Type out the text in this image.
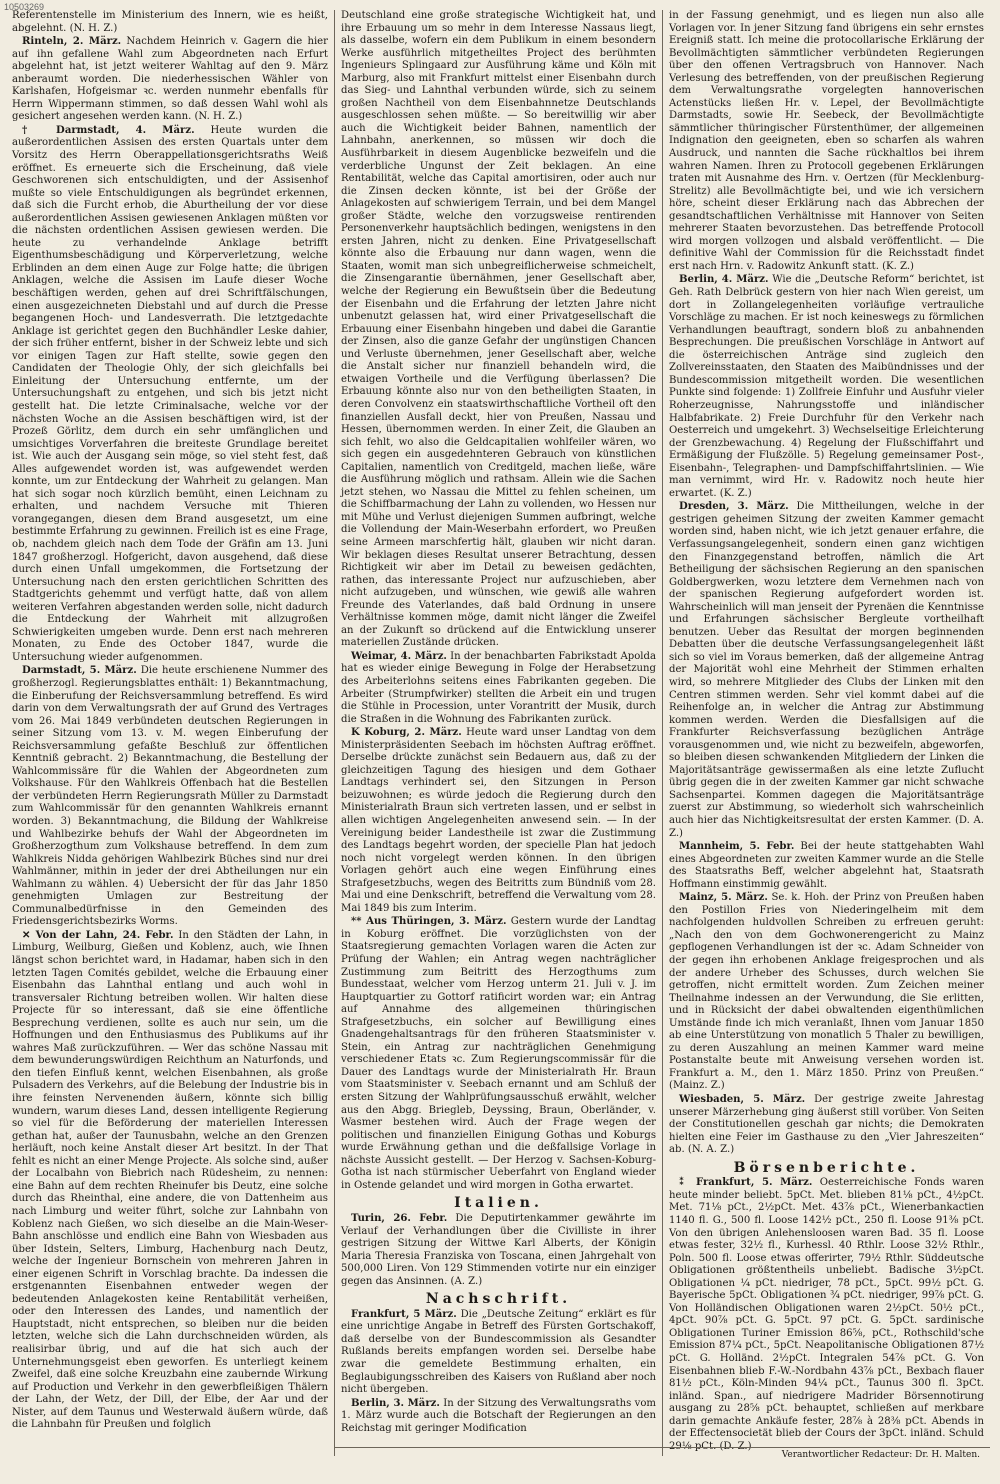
10503269

Referentenstelle im Ministerium des Innern, wie es heißt, abgelehnt. (N. H. Z.)

Rinteln, 2. März. Nachdem Heinrich v. Gagern die hier auf ihn gefallene Wahl zum Abgeordneten nach Erfurt abgelehnt hat, ist jetzt weiterer Wahltag auf den 9. März anberaumt worden. Die niederhessischen Wähler von Karlshafen, Hofgeismar ꝛc. werden nunmehr ebenfalls für Herrn Wippermann stimmen, so daß dessen Wahl wohl als gesichert angesehen werden kann. (N. H. Z.)

† Darmstadt, 4. März. Heute wurden die außerordentlichen Assisen des ersten Quartals unter dem Vorsitz des Herrn Oberappellationsgerichtsraths Weiß eröffnet. Es erneuerte sich die Erscheinung, daß viele Geschworenen sich entschuldigten, und der Assisenhof mußte so viele Entschuldigungen als begründet erkennen, daß sich die Furcht erhob, die Aburtheilung der vor diese außerordentlichen Assisen gewiesenen Anklagen müßten vor die nächsten ordentlichen Assisen gewiesen werden. Die heute zu verhandelnde Anklage betrifft Eigenthumsbeschädigung und Körperverletzung, welche Erblinden an dem einen Auge zur Folge hatte; die übrigen Anklagen, welche die Assisen im Laufe dieser Woche beschäftigen werden, gehen auf drei Schriftfälschungen, einen ausgezeichneten Diebstahl und auf durch die Presse begangenen Hoch- und Landesverrath. Die letztgedachte Anklage ist gerichtet gegen den Buchhändler Leske dahier, der sich früher entfernt, bisher in der Schweiz lebte und sich vor einigen Tagen zur Haft stellte, sowie gegen den Candidaten der Theologie Ohly, der sich gleichfalls bei Einleitung der Untersuchung entfernte, um der Untersuchungshaft zu entgehen, und sich bis jetzt nicht gestellt hat. Die letzte Criminalsache, welche vor der nächsten Woche an die Assisen beschäftigen wird, ist der Prozeß Görlitz, dem durch ein sehr umfänglichen und umsichtiges Vorverfahren die breiteste Grundlage bereitet ist. Wie auch der Ausgang sein möge, so viel steht fest, daß Alles aufgewendet worden ist, was aufgewendet werden konnte, um zur Entdeckung der Wahrheit zu gelangen. Man hat sich sogar noch kürzlich bemüht, einen Leichnam zu erhalten, und nachdem Versuche mit Thieren vorangegangen, diesen dem Brand ausgesetzt, um eine bestimmte Erfahrung zu gewinnen. Freilich ist es eine Frage, ob, nachdem gleich nach dem Tode der Gräfin am 13. Juni 1847 großherzogl. Hofgericht, davon ausgehend, daß diese durch einen Unfall umgekommen, die Fortsetzung der Untersuchung nach den ersten gerichtlichen Schritten des Stadtgerichts gehemmt und verfügt hatte, daß von allem weiteren Verfahren abgestanden werden solle, nicht dadurch die Entdeckung der Wahrheit mit allzugroßen Schwierigkeiten umgeben wurde. Denn erst nach mehreren Monaten, zu Ende des October 1847, wurde die Untersuchung wieder aufgenommen.

Darmstadt, 5. März. Die heute erschienene Nummer des großherzogl. Regierungsblattes enthält: 1) Bekanntmachung, die Einberufung der Reichsversammlung betreffend. Es wird darin von dem Verwaltungsrath der auf Grund des Vertrages vom 26. Mai 1849 verbündeten deutschen Regierungen in seiner Sitzung vom 13. v. M. wegen Einberufung der Reichsversammlung gefaßte Beschluß zur öffentlichen Kenntniß gebracht. 2) Bekanntmachung, die Bestellung der Wahlcommissäre für die Wahlen der Abgeordneten zum Volkshause. Für den Wahlkreis Offenbach hat die Bestellen der verbündeten Herrn Regierungsrath Müller zu Darmstadt zum Wahlcommissär für den genannten Wahlkreis ernannt worden. 3) Bekanntmachung, die Bildung der Wahlkreise und Wahlbezirke behufs der Wahl der Abgeordneten im Großherzogthum zum Volkshause betreffend. In dem zum Wahlkreis Nidda gehörigen Wahlbezirk Büches sind nur drei Wahlmänner, mithin in jeder der drei Abtheilungen nur ein Wahlmann zu wählen. 4) Uebersicht der für das Jahr 1850 genehmigten Umlagen zur Bestreitung der Communalbedürfnisse in den Gemeinden des Friedensgerichtsbezirks Worms.

✕ Von der Lahn, 24. Febr. In den Städten der Lahn, in Limburg, Weilburg, Gießen und Koblenz, auch, wie Ihnen längst schon berichtet ward, in Hadamar, haben sich in den letzten Tagen Comités gebildet, welche die Erbauung einer Eisenbahn das Lahnthal entlang und auch wohl in transversaler Richtung betreiben wollen. Wir halten diese Projecte für so interessant, daß sie eine öffentliche Besprechung verdienen, sollte es auch nur sein, um die Hoffnungen und den Enthusiasmus des Publikums auf ihr wahres Maß zurückzuführen. — Wer das schöne Nassau mit dem bewunderungswürdigen Reichthum an Naturfonds, und den tiefen Einfluß kennt, welchen Eisenbahnen, als große Pulsadern des Verkehrs, auf die Belebung der Industrie bis in ihre feinsten Nervenenden äußern, könnte sich billig wundern, warum dieses Land, dessen intelligente Regierung so viel für die Beförderung der materiellen Interessen gethan hat, außer der Taunusbahn, welche an den Grenzen herläuft, noch keine Anstalt dieser Art besitzt. In der That fehlt es nicht an einer Menge Projecte. Als solche sind, außer der Localbahn von Biebrich nach Rüdesheim, zu nennen: eine Bahn auf dem rechten Rheinufer bis Deutz, eine solche durch das Rheinthal, eine andere, die von Dattenheim aus nach Limburg und weiter führt, solche zur Lahnbahn von Koblenz nach Gießen, wo sich dieselbe an die Main-Weser-Bahn anschlösse und endlich eine Bahn von Wiesbaden aus über Idstein, Selters, Limburg, Hachenburg nach Deutz, welche der Ingenieur Bornschein von mehreren Jahren in einer eigenen Schrift in Vorschlag brachte. Da indessen die erstgenannten Eisenbahnen entweder wegen der bedeutenden Anlagekosten keine Rentabilität verheißen, oder den Interessen des Landes, und namentlich der Hauptstadt, nicht entsprechen, so bleiben nur die beiden letzten, welche sich die Lahn durchschneiden würden, als realisirbar übrig, und auf die hat sich auch der Unternehmungsgeist eben geworfen. Es unterliegt keinem Zweifel, daß eine solche Kreuzbahn eine zaubernde Wirkung auf Production und Verkehr in den gewerbfleißigen Thälern der Lahn, der Wetz, der Dill, der Elbe, der Aar und der Nister, auf dem Taunus und Westerwald äußern würde, daß die Lahnbahn für Preußen und folglich

Deutschland eine große strategische Wichtigkeit hat, und ihre Erbauung um so mehr in dem Interesse Nassaus liegt, als dasselbe, wofern ein dem Publikum in einem besondern Werke ausführlich mitgetheiltes Project des berühmten Ingenieurs Splingaard zur Ausführung käme und Köln mit Marburg, also mit Frankfurt mittelst einer Eisenbahn durch das Sieg- und Lahnthal verbunden würde, sich zu seinem großen Nachtheil von dem Eisenbahnnetze Deutschlands ausgeschlossen sehen müßte. — So bereitwillig wir aber auch die Wichtigkeit beider Bahnen, namentlich der Lahnbahn, anerkennen, so müssen wir doch die Ausführbarkeit in diesem Augenblicke bezweifeln und die verderbliche Ungunst der Zeit beklagen. An eine Rentabilität, welche das Capital amortisiren, oder auch nur die Zinsen decken könnte, ist bei der Größe der Anlagekosten auf schwierigem Terrain, und bei dem Mangel großer Städte, welche den vorzugsweise rentirenden Personenverkehr hauptsächlich bedingen, wenigstens in den ersten Jahren, nicht zu denken. Eine Privatgesellschaft könnte also die Erbauung nur dann wagen, wenn die Staaten, womit man sich unbegreiflicherweise schmeichelt, die Zinsengarantie übernähmen, jener Gesellschaft aber, welche der Regierung ein Bewußtsein über die Bedeutung der Eisenbahn und die Erfahrung der letzten Jahre nicht unbenutzt gelassen hat, wird einer Privatgesellschaft die Erbauung einer Eisenbahn hingeben und dabei die Garantie der Zinsen, also die ganze Gefahr der ungünstigen Chancen und Verluste übernehmen, jener Gesellschaft aber, welche die Anstalt sicher nur finanziell behandeln wird, die etwaigen Vortheile und die Verfügung überlassen? Die Erbauung könnte also nur von den betheiligten Staaten, in deren Convolvenz ein staatswirthschaftliche Vortheil oft den finanziellen Ausfall deckt, hier von Preußen, Nassau und Hessen, übernommen werden. In einer Zeit, die Glauben an sich fehlt, wo also die Geldcapitalien wohlfeiler wären, wo sich gegen ein ausgedehnteren Gebrauch von künstlichen Capitalien, namentlich von Creditgeld, machen ließe, wäre die Ausführung möglich und rathsam. Allein wie die Sachen jetzt stehen, wo Nassau die Mittel zu fehlen scheinen, um die Schiffbarmachung der Lahn zu vollenden, wo Hessen nur mit Mühe und Verlust diejenigen Summen aufbringt, welche die Vollendung der Main-Weserbahn erfordert, wo Preußen seine Armeen marschfertig hält, glauben wir nicht daran. Wir beklagen dieses Resultat unserer Betrachtung, dessen Richtigkeit wir aber im Detail zu beweisen gedächten, rathen, das interessante Project nur aufzuschieben, aber nicht aufzugeben, und wünschen, wie gewiß alle wahren Freunde des Vaterlandes, daß bald Ordnung in unsere Verhältnisse kommen möge, damit nicht länger die Zweifel an der Zukunft so drückend auf die Entwicklung unserer materiellen Zustände drücken.

Weimar, 4. März. In der benachbarten Fabrikstadt Apolda hat es wieder einige Bewegung in Folge der Herabsetzung des Arbeiterlohns seitens eines Fabrikanten gegeben. Die Arbeiter (Strumpfwirker) stellten die Arbeit ein und trugen die Stühle in Procession, unter Vorantritt der Musik, durch die Straßen in die Wohnung des Fabrikanten zurück.

K Koburg, 2. März. Heute ward unser Landtag von dem Ministerpräsidenten Seebach im höchsten Auftrag eröffnet. Derselbe drückte zunächst sein Bedauern aus, daß zu der gleichzeitigen Tagung des hiesigen und dem Gothaer Landtags verhindert sei, den Sitzungen in Person beizuwohnen; es würde jedoch die Regierung durch den Ministerialrath Braun sich vertreten lassen, und er selbst in allen wichtigen Angelegenheiten anwesend sein. — In der Vereinigung beider Landestheile ist zwar die Zustimmung des Landtags begehrt worden, der specielle Plan hat jedoch noch nicht vorgelegt werden können. In den übrigen Vorlagen gehört auch eine wegen Einführung eines Strafgesetzbuchs, wegen des Beitritts zum Bündniß vom 28. Mai und eine Denkschrift, betreffend die Verwaltung vom 28. Mai 1849 bis zum Interim.

** Aus Thüringen, 3. März. Gestern wurde der Landtag in Koburg eröffnet. Die vorzüglichsten von der Staatsregierung gemachten Vorlagen waren die Acten zur Prüfung der Wahlen; ein Antrag wegen nachträglicher Zustimmung zum Beitritt des Herzogthums zum Bundesstaat, welcher vom Herzog unterm 21. Juli v. J. im Hauptquartier zu Gottorf ratificirt worden war; ein Antrag auf Annahme des allgemeinen thüringischen Strafgesetzbuchs, ein solcher auf Bewilligung eines Gnadengehaltsantrags für den früheren Staatsminister v. Stein, ein Antrag zur nachträglichen Genehmigung verschiedener Etats ꝛc. Zum Regierungscommissär für die Dauer des Landtags wurde der Ministerialrath Hr. Braun vom Staatsminister v. Seebach ernannt und am Schluß der ersten Sitzung der Wahlprüfungsausschuß erwählt, welcher aus den Abgg. Briegleb, Deyssing, Braun, Oberländer, v. Wasmer bestehen wird. Auch der Frage wegen der politischen und finanziellen Einigung Gothas und Koburgs wurde Erwähnung gethan und die deßfallsige Vorlage in nächste Aussicht gestellt. — Der Herzog v. Sachsen-Koburg-Gotha ist nach stürmischer Ueberfahrt von England wieder in Ostende gelandet und wird morgen in Gotha erwartet.

Italien.

Turin, 26. Febr. Die Deputirtenkammer gewährte im Verlauf der Verhandlungen über die Civilliste in ihrer gestrigen Sitzung der Wittwe Karl Alberts, der Königin Maria Theresia Franziska von Toscana, einen Jahrgehalt von 500,000 Liren. Von 129 Stimmenden votirte nur ein einziger gegen das Ansinnen. (A. Z.)

Nachschrift.

Frankfurt, 5 März. Die „Deutsche Zeitung“ erklärt es für eine unrichtige Angabe in Betreff des Fürsten Gortschakoff, daß derselbe von der Bundescommission als Gesandter Rußlands bereits empfangen worden sei. Derselbe habe zwar die gemeldete Bestimmung erhalten, ein Beglaubigungsschreiben des Kaisers von Rußland aber noch nicht übergeben.

Berlin, 3. März. In der Sitzung des Verwaltungsraths vom 1. März wurde auch die Botschaft der Regierungen an den Reichstag mit geringer Modification

in der Fassung genehmigt, und es liegen nun also alle Vorlagen vor. In jener Sitzung fand übrigens ein sehr ernstes Ereigniß statt. Ich meine die protocollarische Erklärung der Bevollmächtigten sämmtlicher verbündeten Regierungen über den offenen Vertragsbruch von Hannover. Nach Verlesung des betreffenden, von der preußischen Regierung dem Verwaltungsrathe vorgelegten hannoverischen Actenstücks ließen Hr. v. Lepel, der Bevollmächtigte Darmstadts, sowie Hr. Seebeck, der Bevollmächtigte sämmtlicher thüringischer Fürstenthümer, der allgemeinen Indignation den geeigneten, eben so scharfen als wahren Ausdruck, und nannten die Sache rückhaltlos bei ihrem wahren Namen. Ihren zu Protocoll gegebenen Erklärungen traten mit Ausnahme des Hrn. v. Oertzen (für Mecklenburg-Strelitz) alle Bevollmächtigte bei, und wie ich versichern höre, scheint dieser Erklärung nach das Abbrechen der gesandtschaftlichen Verhältnisse mit Hannover von Seiten mehrerer Staaten bevorzustehen. Das betreffende Protocoll wird morgen vollzogen und alsbald veröffentlicht. — Die definitive Wahl der Commission für die Reichsstadt findet erst nach Hrn. v. Radowitz Ankunft statt. (K. Z.)

Berlin, 4. März. Wie die „Deutsche Reform“ berichtet, ist Geh. Rath Delbrück gestern von hier nach Wien gereist, um dort in Zollangelegenheiten vorläufige vertrauliche Vorschläge zu machen. Er ist noch keineswegs zu förmlichen Verhandlungen beauftragt, sondern bloß zu anbahnenden Besprechungen. Die preußischen Vorschläge in Antwort auf die österreichischen Anträge sind zugleich den Zollvereinsstaaten, den Staaten des Maibündnisses und der Bundescommission mitgetheilt worden. Die wesentlichen Punkte sind folgende: 1) Zollfreie Einfuhr und Ausfuhr vieler Roherzeugnisse, Nahrungsstoffe und inländischer Halbfabrikate. 2) Freie Durchfuhr für den Verkehr nach Oesterreich und umgekehrt. 3) Wechselseitige Erleichterung der Grenzbewachung. 4) Regelung der Flußschiffahrt und Ermäßigung der Flußzölle. 5) Regelung gemeinsamer Post-, Eisenbahn-, Telegraphen- und Dampfschiffahrtslinien. — Wie man vernimmt, wird Hr. v. Radowitz noch heute hier erwartet. (K. Z.)

Dresden, 3. März. Die Mittheilungen, welche in der gestrigen geheimen Sitzung der zweiten Kammer gemacht worden sind, haben nicht, wie ich jetzt genauer erfahre, die Verfassungsangelegenheit, sondern einen ganz wichtigen den Finanzgegenstand betroffen, nämlich die Art Betheiligung der sächsischen Regierung an den spanischen Goldbergwerken, wozu letztere dem Vernehmen nach von der spanischen Regierung aufgefordert worden ist. Wahrscheinlich will man jenseit der Pyrenäen die Kenntnisse und Erfahrungen sächsischer Bergleute vortheilhaft benutzen. Ueber das Resultat der morgen beginnenden Debatten über die deutsche Verfassungsangelegenheit läßt sich so viel im Voraus bemerken, daß der allgemeine Antrag der Majorität wohl eine Mehrheit der Stimmen erhalten wird, so mehrere Mitglieder des Clubs der Linken mit den Centren stimmen werden. Sehr viel kommt dabei auf die Reihenfolge an, in welcher die Antrag zur Abstimmung kommen werden. Werden die Diesfallsigen auf die Frankfurter Reichsverfassung bezüglichen Anträge vorausgenommen und, wie nicht zu bezweifeln, abgeworfen, so bleiben diesen schwankenden Mitgliedern der Linken die Majoritätsanträge gewissermaßen als eine letzte Zuflucht übrig gegen die in der zweiten Kammer gar nicht schwache Sachsenpartei. Kommen dagegen die Majoritätsanträge zuerst zur Abstimmung, so wiederholt sich wahrscheinlich auch hier das Nichtigkeitsresultat der ersten Kammer. (D. A. Z.)

Mannheim, 5. Febr. Bei der heute stattgehabten Wahl eines Abgeordneten zur zweiten Kammer wurde an die Stelle des Staatsraths Beff, welcher abgelehnt hat, Staatsrath Hoffmann einstimmig gewählt.

Mainz, 5. März. Se. k. Hoh. der Prinz von Preußen haben den Postillon Fries von Niederingelheim mit dem nachfolgenden huldvollen Schreiben zu erfreuen geruht: „Nach den von dem Gochwonerengericht zu Mainz gepflogenen Verhandlungen ist der ꝛc. Adam Schneider von der gegen ihn erhobenen Anklage freigesprochen und als der andere Urheber des Schusses, durch welchen Sie getroffen, nicht ermittelt worden. Zum Zeichen meiner Theilnahme indessen an der Verwundung, die Sie erlitten, und in Rücksicht der dabei obwaltenden eigenthümlichen Umstände finde ich mich veranlaßt, Ihnen vom Januar 1850 ab eine Unterstützung von monatlich 5 Thaler zu bewilligen, zu deren Auszahlung an meinen Kammer ward meine Postanstalte beute mit Anweisung versehen worden ist. Frankfurt a. M., den 1. März 1850. Prinz von Preußen.“ (Mainz. Z.)

Wiesbaden, 5. März. Der gestrige zweite Jahrestag unserer Märzerhebung ging äußerst still vorüber. Von Seiten der Constitutionellen geschah gar nichts; die Demokraten hielten eine Feier im Gasthause zu den „Vier Jahreszeiten“ ab. (N. A. Z.)

Börsenberichte.

⁑ Frankfurt, 5. März. Oesterreichische Fonds waren heute minder beliebt. 5pCt. Met. blieben 81⅛ pCt., 4½pCt. Met. 71⅛ pCt., 2½pCt. Met. 43⅞ pCt., Wienerbankactien 1140 fl. G., 500 fl. Loose 142½ pCt., 250 fl. Loose 91⅜ pCt. Von den übrigen Anlehensloosen waren Bad. 35 fl. Loose etwas fester, 32½ fl., Kurhessl. 40 Rthlr. Loose 32½ Rthlr., Poln. 500 fl. Loose etwas offerirter, 79½ Rthlr. Süddeutsche Obligationen größtentheils unbeliebt. Badische 3½pCt. Obligationen ¼ pCt. niedriger, 78 pCt., 5pCt. 99½ pCt. G. Bayerische 5pCt. Obligationen ¾ pCt. niedriger, 99⅞ pCt. G. Von Holländischen Obligationen waren 2½pCt. 50½ pCt., 4pCt. 90⅞ pCt. G. 5pCt. 97 pCt. G. 5pCt. sardinische Obligationen Turiner Emission 86⅝, pCt., Rothschild'sche Emission 87¼ pCt., 5pCt. Neapolitanische Obligationen 87½ pCt. G. Holländ. 2½pCt. Integralen 54⅞ pCt. G. Von Eisenbahnen blieb F.-W.-Nordbahn 43⅞ pCt., Bexbach flauer 81½ pCt., Köln-Minden 94¼ pCt., Taunus 300 fl. 3pCt. inländ. Span., auf niedrigere Madrider Börsennotirung ausgang zu 28⅝ pCt. behauptet, schließen auf merkbare darin gemachte Ankäufe fester, 28⅞ à 28⅜ pCt. Abends in der Effectensocietät blieb der Cours der 3pCt. inländ. Schuld 29⅛ pCt. (D. Z.)

Verantwortlicher Redacteur: Dr. H. Malten.
